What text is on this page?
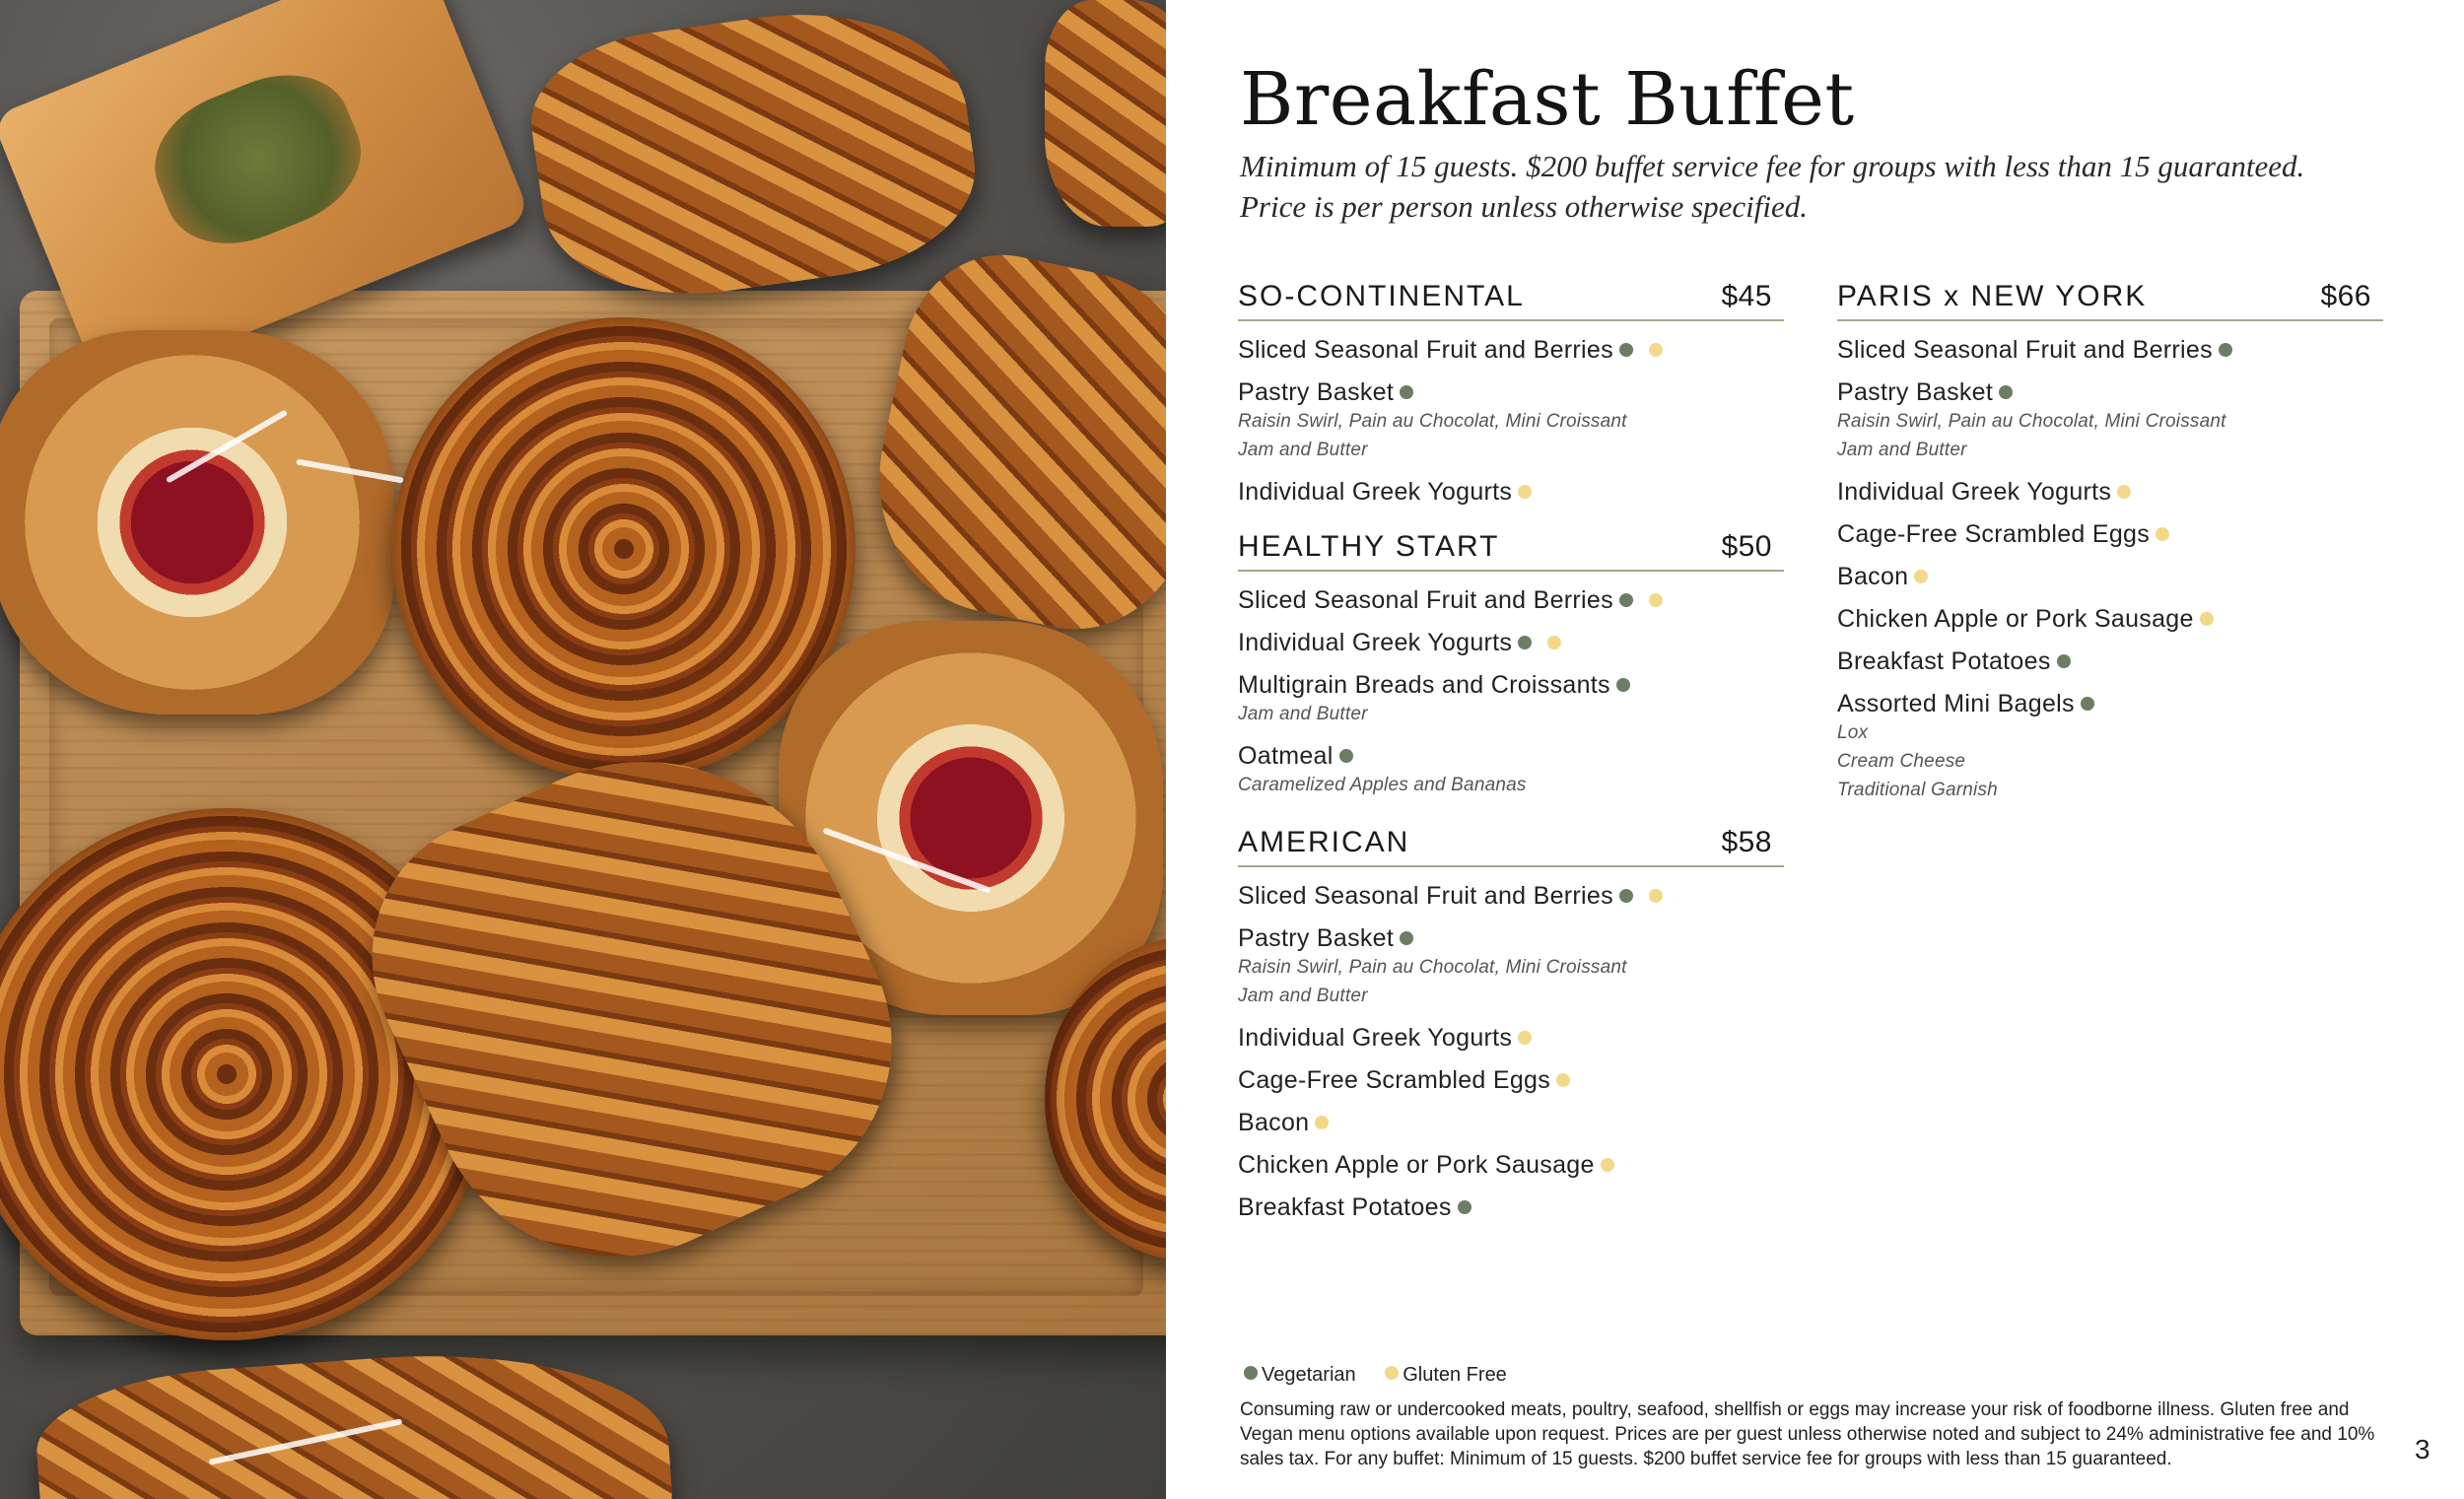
Breakfast Buffet
Minimum of 15 guests. $200 buffet service fee for groups with less than 15 guaranteed.
Price is per person unless otherwise specified.
SO-CONTINENTAL	$45
Sliced Seasonal Fruit and Berries
Pastry Basket
Raisin Swirl, Pain au Chocolat, Mini Croissant
Jam and Butter
Individual Greek Yogurts
HEALTHY START	$50
Sliced Seasonal Fruit and Berries
Individual Greek Yogurts
Multigrain Breads and Croissants
Jam and Butter
Oatmeal
Caramelized Apples and Bananas
AMERICAN	$58
Sliced Seasonal Fruit and Berries
Pastry Basket
Raisin Swirl, Pain au Chocolat, Mini Croissant
Jam and Butter
Individual Greek Yogurts
Cage-Free Scrambled Eggs
Bacon
Chicken Apple or Pork Sausage
Breakfast Potatoes
PARIS x NEW YORK	$66
Sliced Seasonal Fruit and Berries
Pastry Basket
Raisin Swirl, Pain au Chocolat, Mini Croissant
Jam and Butter
Individual Greek Yogurts
Cage-Free Scrambled Eggs
Bacon
Chicken Apple or Pork Sausage
Breakfast Potatoes
Assorted Mini Bagels
Lox
Cream Cheese
Traditional Garnish
Vegetarian Gluten Free

Consuming raw or undercooked meats, poultry, seafood, shellfish or eggs may increase your risk of foodborne illness. Gluten free and Vegan menu options available upon request. Prices are per guest unless otherwise noted and subject to 24% administrative fee and 10% sales tax. For any buffet: Minimum of 15 guests. $200 buffet service fee for groups with less than 15 guaranteed.	3
